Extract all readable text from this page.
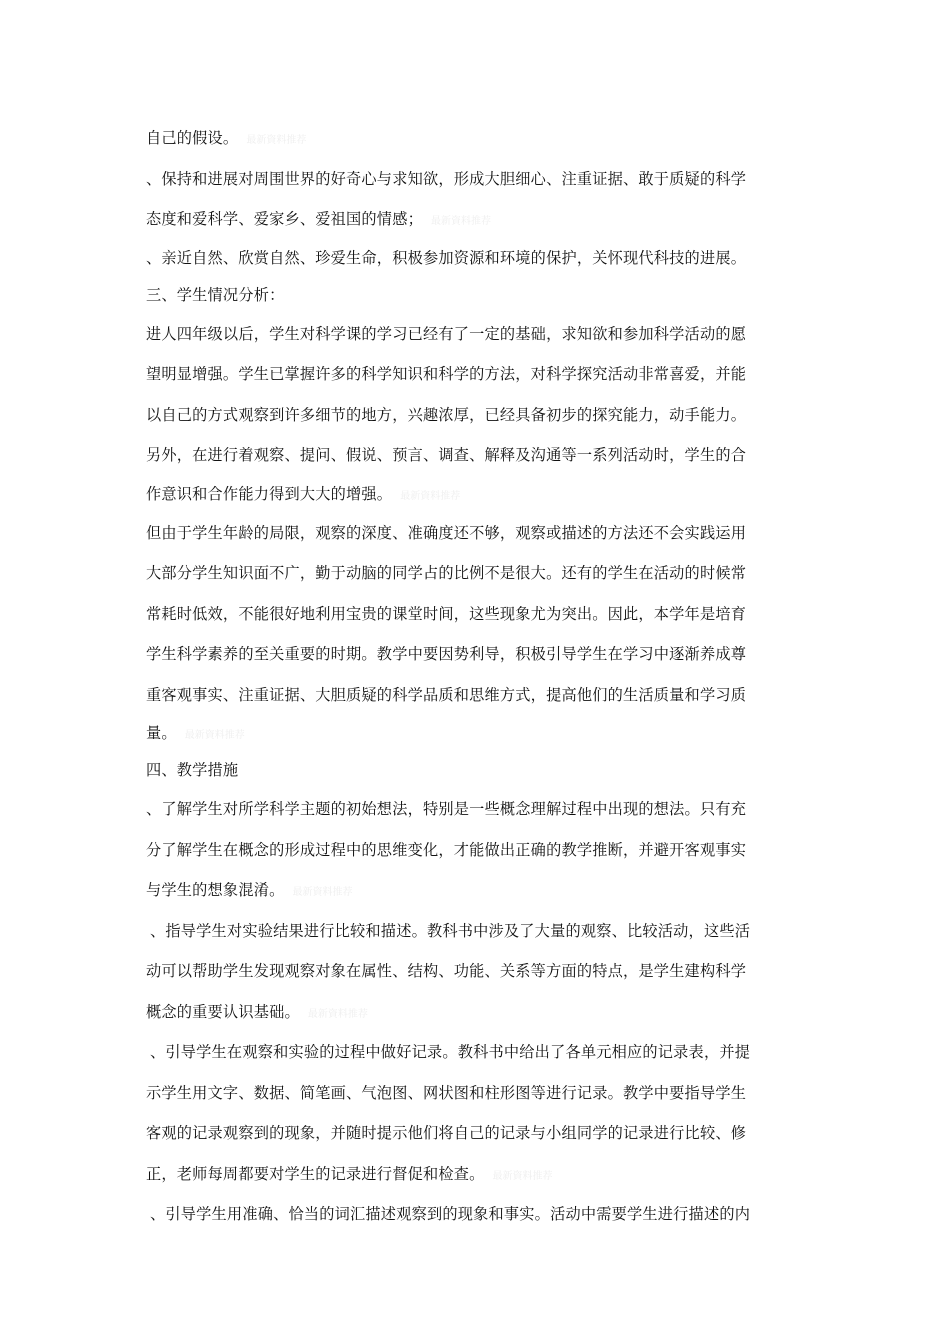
自己的假设。 最新資料推荐
、保持和进展对周围世界的好奇心与求知欲，形成大胆细心、注重证据、敢于质疑的科学
态度和爱科学、爱家乡、爱祖国的情感； 最新資料推荐
、亲近自然、欣赏自然、珍爱生命，积极参加资源和环境的保护，关怀现代科技的进展。
三、学生情况分析：
进人四年级以后，学生对科学课的学习已经有了一定的基础，求知欲和参加科学活动的愿
望明显增强。学生已掌握许多的科学知识和科学的方法，对科学探究活动非常喜爱，并能
以自己的方式观察到许多细节的地方，兴趣浓厚，已经具备初步的探究能力，动手能力。
另外，在进行着观察、提问、假说、预言、调查、解释及沟通等一系列活动时，学生的合
作意识和合作能力得到大大的增强。 最新資料推荐
但由于学生年龄的局限，观察的深度、准确度还不够，观察或描述的方法还不会实践运用
大部分学生知识面不广，勤于动脑的同学占的比例不是很大。还有的学生在活动的时候常
常耗时低效，不能很好地利用宝贵的课堂时间，这些现象尤为突出。因此，本学年是培育
学生科学素养的至关重要的时期。教学中要因势利导，积极引导学生在学习中逐渐养成尊
重客观事实、注重证据、大胆质疑的科学品质和思维方式，提高他们的生活质量和学习质
量。 最新資料推荐
四、教学措施
、了解学生对所学科学主题的初始想法，特别是一些概念理解过程中出现的想法。只有充
分了解学生在概念的形成过程中的思维变化，才能做出正确的教学推断，并避开客观事实
与学生的想象混淆。 最新資料推荐
、指导学生对实验结果进行比较和描述。教科书中涉及了大量的观察、比较活动，这些活
动可以帮助学生发现观察对象在属性、结构、功能、关系等方面的特点，是学生建构科学
概念的重要认识基础。 最新資料推荐
、引导学生在观察和实验的过程中做好记录。教科书中给出了各单元相应的记录表，并提
示学生用文字、数据、简笔画、气泡图、网状图和柱形图等进行记录。教学中要指导学生
客观的记录观察到的现象，并随时提示他们将自己的记录与小组同学的记录进行比较、修
正，老师每周都要对学生的记录进行督促和检查。 最新資料推荐
、引导学生用准确、恰当的词汇描述观察到的现象和事实。活动中需要学生进行描述的内
